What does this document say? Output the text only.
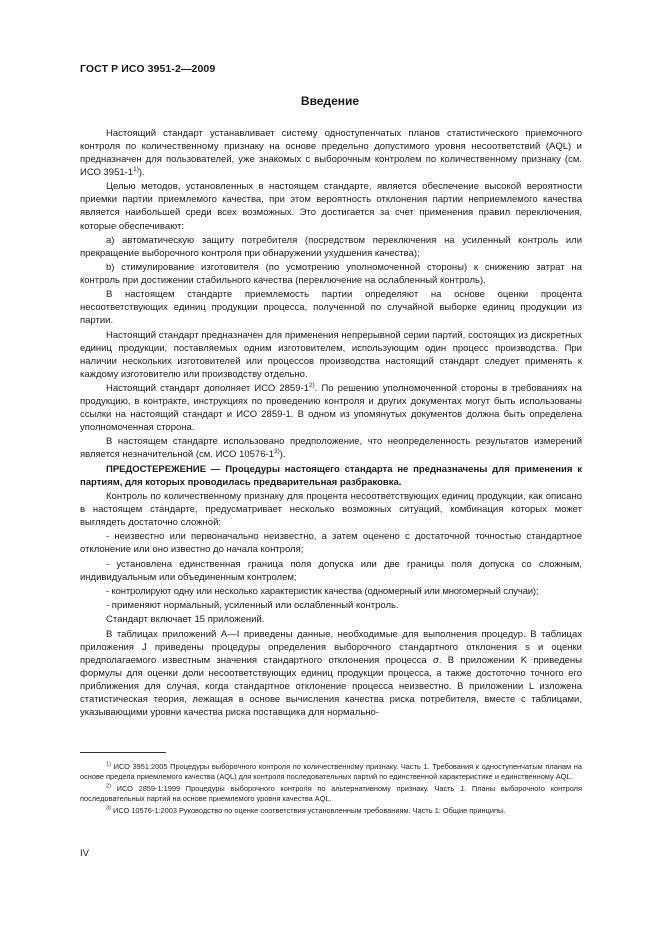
ГОСТ Р ИСО 3951-2—2009
Введение

Настоящий стандарт устанавливает систему одноступенчатых планов статистического приемочного контроля по количественному признаку на основе предельно допустимого уровня несоответствий (AQL) и предназначен для пользователей, уже знакомых с выборочным контролем по количественному признаку (см. ИСО 3951-1$^{1)}$).

Целью методов, установленных в настоящем стандарте, является обеспечение высокой вероятности приемки партии приемлемого качества, при этом вероятность отклонения партии неприемлемого качества является наибольшей среди всех возможных. Это достигается за счет применения правил переключения, которые обеспечивают:

a) автоматическую защиту потребителя (посредством переключения на усиленный контроль или прекращение выборочного контроля при обнаружении ухудшения качества);

b) стимулирование изготовителя (по усмотрению уполномоченной стороны) к снижению затрат на контроль при достижении стабильного качества (переключение на ослабленный контроль).

В настоящем стандарте приемлемость партии определяют на основе оценки процента несоответствующих единиц продукции процесса, полученной по случайной выборке единиц продукции из партии.

Настоящий стандарт предназначен для применения непрерывной серии партий, состоящих из дискретных единиц продукции, поставляемых одним изготовителем, использующим один процесс производства. При наличии нескольких изготовителей или процессов производства настоящий стандарт следует применять к каждому изготовителю или производству отдельно.

Настоящий стандарт дополняет ИСО 2859-1$^{2)}$. По решению уполномоченной стороны в требованиях на продукцию, в контракте, инструкциях по проведению контроля и других документах могут быть использованы ссылки на настоящий стандарт и ИСО 2859-1. В одном из упомянутых документов должна быть определена уполномоченная сторона.

В настоящем стандарте использовано предположение, что неопределенность результатов измерений является незначительной (см. ИСО 10576-1$^{3)}$).

ПРЕДОСТЕРЕЖЕНИЕ — Процедуры настоящего стандарта не предназначены для применения к партиям, для которых проводилась предварительная разбраковка.

Контроль по количественному признаку для процента несоответствующих единиц продукции, как описано в настоящем стандарте, предусматривает несколько возможных ситуаций, комбинация которых может выглядеть достаточно сложной:

- неизвестно или первоначально неизвестно, а затем оценено с достаточной точностью стандартное отклонение или оно известно до начала контроля;

- установлена единственная граница поля допуска или две границы поля допуска со сложным, индивидуальным или объединенным контролем;

- контролируют одну или несколько характеристик качества (одномерный или многомерный случаи);

- применяют нормальный, усиленный или ослабленный контроль.

Стандарт включает 15 приложений.

В таблицах приложений A—I приведены данные, необходимые для выполнения процедур. В таблицах приложения J приведены процедуры определения выборочного стандартного отклонения s и оценки предполагаемого известным значения стандартного отклонения процесса σ. В приложении K приведены формулы для оценки доли несоответствующих единиц продукции процесса, а также достоточно точного его приближения для случая, когда стандартное отклонение процесса неизвестно. В приложении L изложена статистическая теория, лежащая в основе вычисления качества риска потребителя, вместе с таблицами, указывающими уровни качества риска поставщика для нормально-

$^{1)}$ ИСО 3951:2005 Процедуры выборочного контроля по количественному признаку. Часть 1. Требования к одноступенчатым планам на основе предела приемлемого качества (AQL) для контроля последовательных партий по единственной характеристике и единственному AQL.

$^{2)}$ ИСО 2859-1:1999 Процедуры выборочного контроля по альтернативному признаку. Часть 1. Планы выборочного контроля последовательных партий на основе приемлемого уровня качества AQL.

$^{3)}$ ИСО 10576-1:2003 Руководство по оценке соответствия установленным требованиям. Часть 1: Общие принципы.

IV
